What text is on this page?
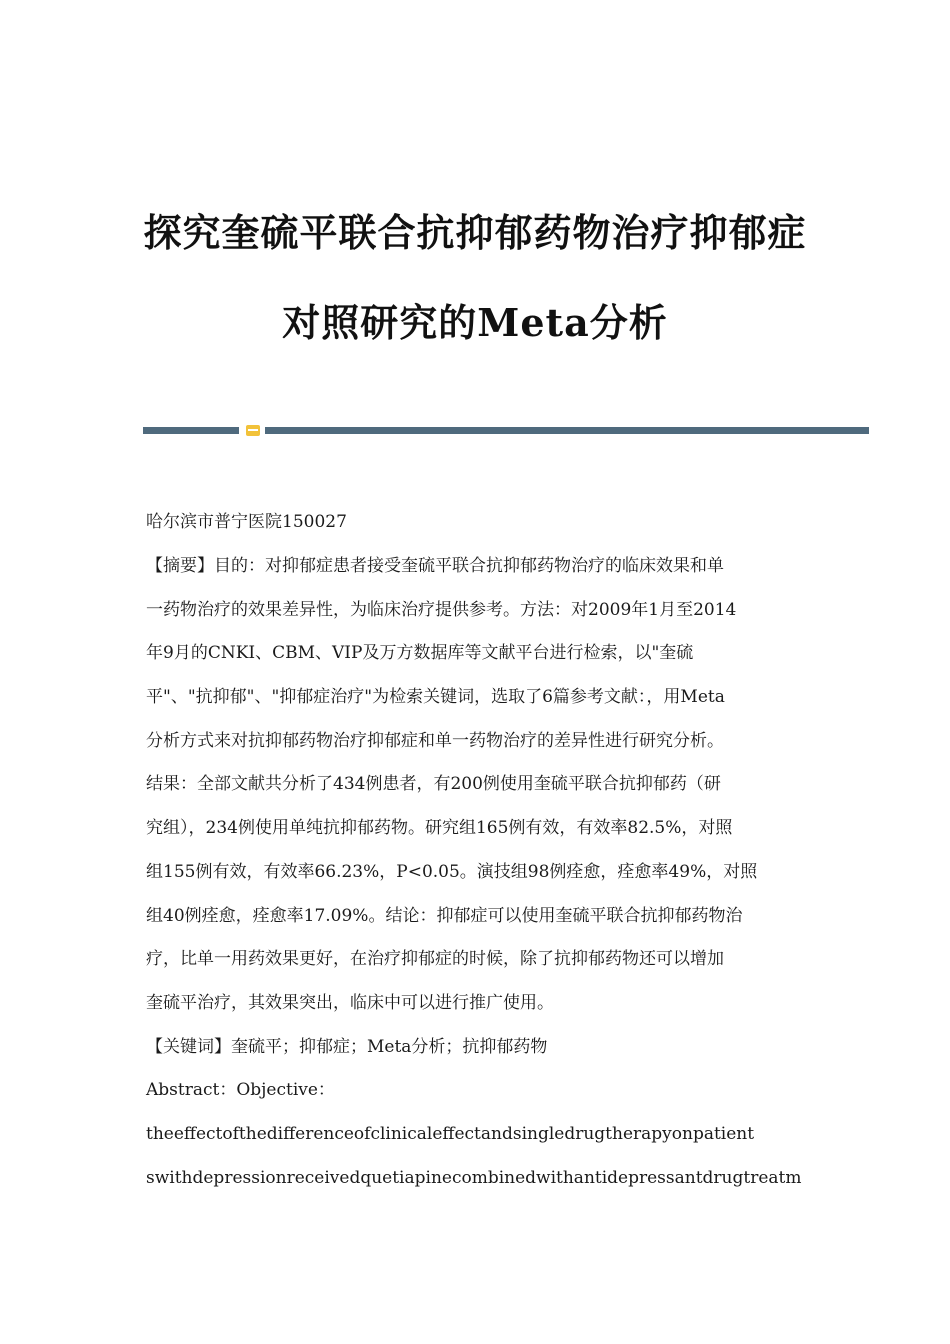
探究奎硫平联合抗抑郁药物治疗抑郁症
对照研究的Meta分析
哈尔滨市普宁医院150027
【摘要】目的：对抑郁症患者接受奎硫平联合抗抑郁药物治疗的临床效果和单
一药物治疗的效果差异性，为临床治疗提供参考。方法：对2009年1月至2014
年9月的CNKI、CBM、VIP及万方数据库等文献平台进行检索，以"奎硫
平"、"抗抑郁"、"抑郁症治疗"为检索关键词，选取了6篇参考文献：，用Meta
分析方式来对抗抑郁药物治疗抑郁症和单一药物治疗的差异性进行研究分析。
结果：全部文献共分析了434例患者，有200例使用奎硫平联合抗抑郁药（研
究组），234例使用单纯抗抑郁药物。研究组165例有效，有效率82.5%，对照
组155例有效，有效率66.23%，P<0.05。演技组98例痊愈，痊愈率49%，对照
组40例痊愈，痊愈率17.09%。结论：抑郁症可以使用奎硫平联合抗抑郁药物治
疗，比单一用药效果更好，在治疗抑郁症的时候，除了抗抑郁药物还可以增加
奎硫平治疗，其效果突出，临床中可以进行推广使用。
【关键词】奎硫平；抑郁症；Meta分析；抗抑郁药物
Abstract：Objective：
theeffectofthedifferenceofclinicaleffectandsingledrugtherapyonpatient
swithdepressionreceivedquetiapinecombinedwithantidepressantdrugtreatm
